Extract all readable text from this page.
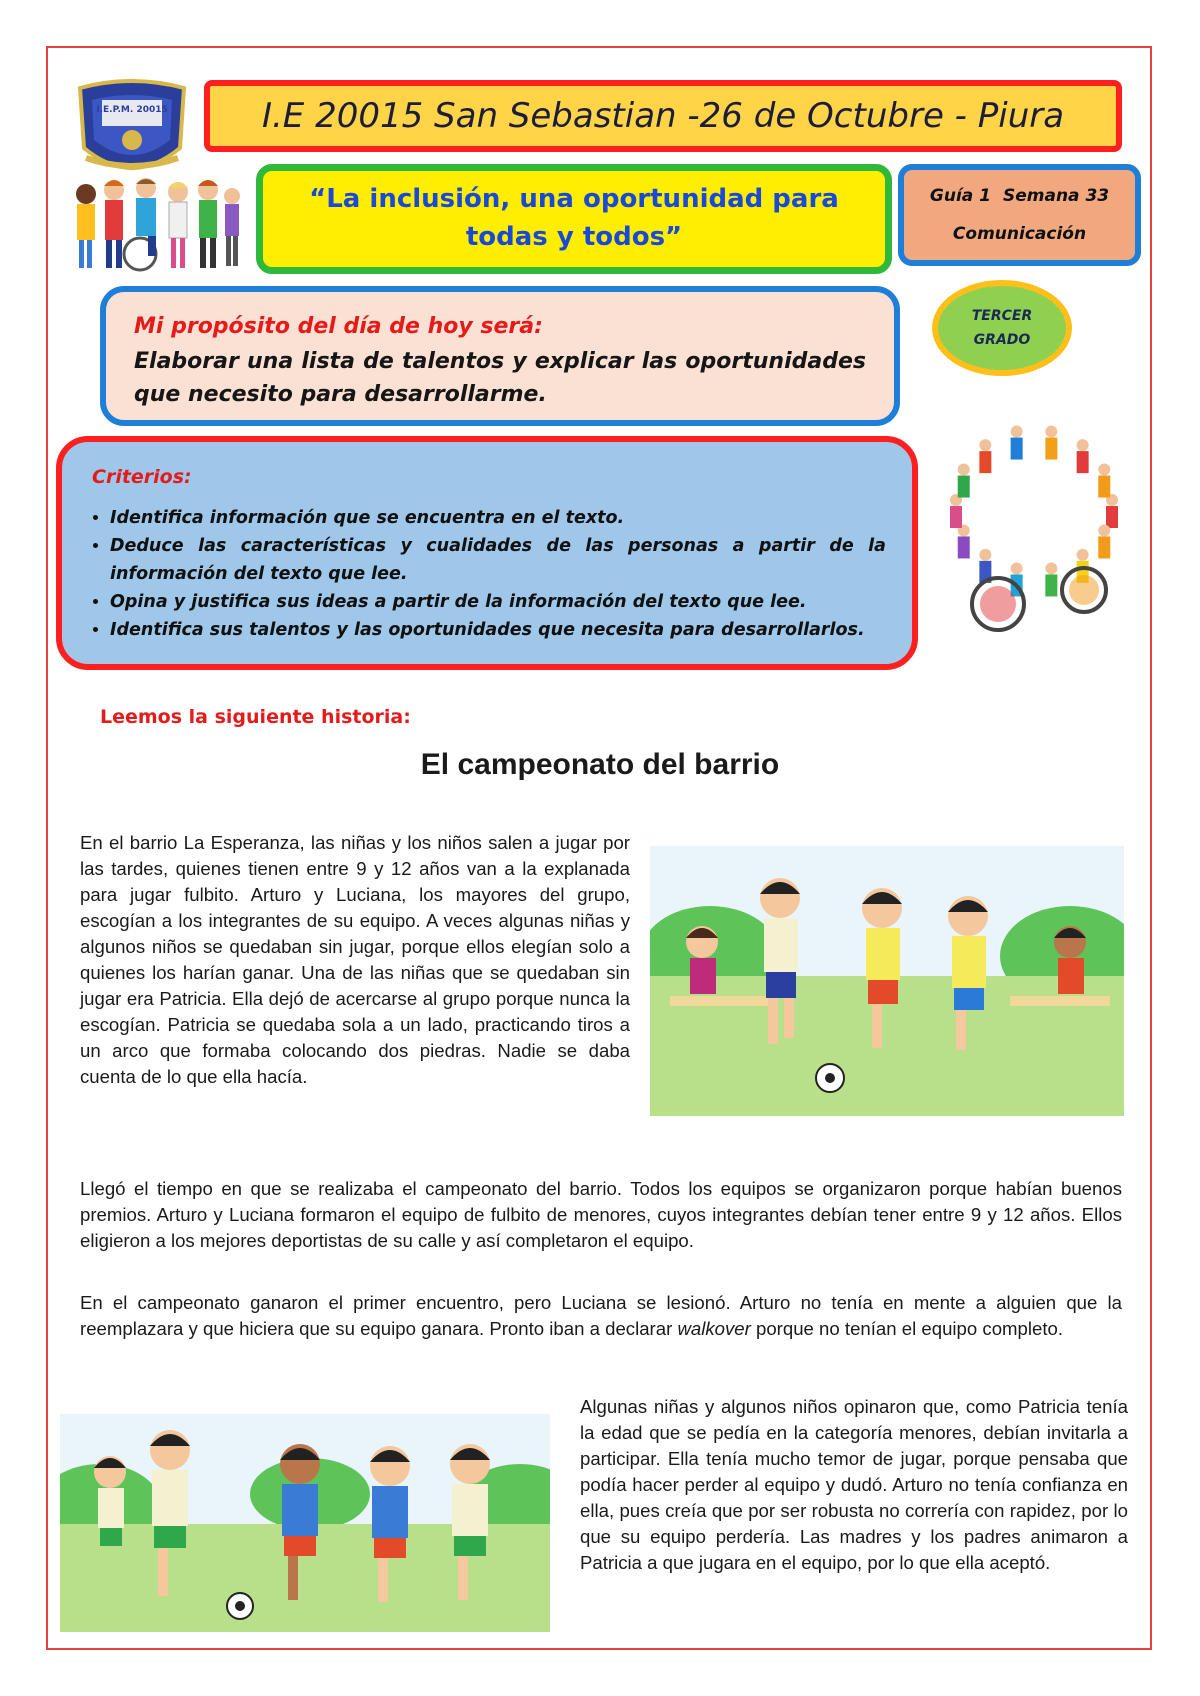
I.E.P.M. 20015	I.E 20015 San Sebastian -26 de Octubre - Piura
“La inclusión, una oportunidad para todas y todos”
Guía 1 Semana 33
Comunicación
Mi propósito del día de hoy será:
Elaborar una lista de talentos y explicar las oportunidades que necesito para desarrollarme.
TERCER
GRADO
Criterios:
• Identifica información que se encuentra en el texto.
• Deduce las características y cualidades de las personas a partir de la información del texto que lee.
• Opina y justifica sus ideas a partir de la información del texto que lee.
• Identifica sus talentos y las oportunidades que necesita para desarrollarlos.
Leemos la siguiente historia:
El campeonato del barrio

En el barrio La Esperanza, las niñas y los niños salen a jugar por las tardes, quienes tienen entre 9 y 12 años van a la explanada para jugar fulbito. Arturo y Luciana, los mayores del grupo, escogían a los integrantes de su equipo. A veces algunas niñas y algunos niños se quedaban sin jugar, porque ellos elegían solo a quienes los harían ganar. Una de las niñas que se quedaban sin jugar era Patricia. Ella dejó de acercarse al grupo porque nunca la escogían. Patricia se quedaba sola a un lado, practicando tiros a un arco que formaba colocando dos piedras. Nadie se daba cuenta de lo que ella hacía.

Llegó el tiempo en que se realizaba el campeonato del barrio. Todos los equipos se organizaron porque habían buenos premios. Arturo y Luciana formaron el equipo de fulbito de menores, cuyos integrantes debían tener entre 9 y 12 años. Ellos eligieron a los mejores deportistas de su calle y así completaron el equipo.

En el campeonato ganaron el primer encuentro, pero Luciana se lesionó. Arturo no tenía en mente a alguien que la reemplazara y que hiciera que su equipo ganara. Pronto iban a declarar walkover porque no tenían el equipo completo.

Algunas niñas y algunos niños opinaron que, como Patricia tenía la edad que se pedía en la categoría menores, debían invitarla a participar. Ella tenía mucho temor de jugar, porque pensaba que podía hacer perder al equipo y dudó. Arturo no tenía confianza en ella, pues creía que por ser robusta no correría con rapidez, por lo que su equipo perdería. Las madres y los padres animaron a Patricia a que jugara en el equipo, por lo que ella aceptó.
